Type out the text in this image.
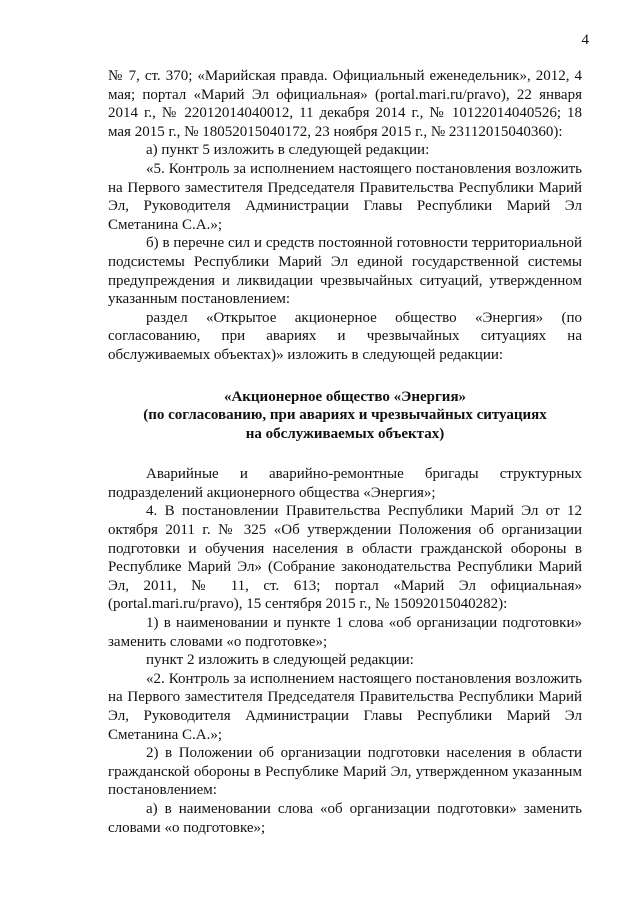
4

№ 7, ст. 370; «Марийская правда. Официальный еженедельник», 2012, 4 мая; портал «Марий Эл официальная» (portal.mari.ru/pravo), 22 января 2014 г., № 22012014040012, 11 декабря 2014 г., № 10122014040526; 18 мая 2015 г., № 18052015040172, 23 ноября 2015 г., № 23112015040360):

а) пункт 5 изложить в следующей редакции:

«5. Контроль за исполнением настоящего постановления возложить на Первого заместителя Председателя Правительства Республики Марий Эл, Руководителя Администрации Главы Республики Марий Эл Сметанина С.А.»;

б) в перечне сил и средств постоянной готовности территориальной подсистемы Республики Марий Эл единой государственной системы предупреждения и ликвидации чрезвычайных ситуаций, утвержденном указанным постановлением:

раздел «Открытое акционерное общество «Энергия» (по согласованию, при авариях и чрезвычайных ситуациях на обслуживаемых объектах)» изложить в следующей редакции:

«Акционерное общество «Энергия»
(по согласованию, при авариях и чрезвычайных ситуациях
на обслуживаемых объектах)

Аварийные и аварийно-ремонтные бригады структурных подразделений акционерного общества «Энергия»;

4. В постановлении Правительства Республики Марий Эл от 12 октября 2011 г. № 325 «Об утверждении Положения об организации подготовки и обучения населения в области гражданской обороны в Республике Марий Эл» (Собрание законодательства Республики Марий Эл, 2011, № 11, ст. 613; портал «Марий Эл официальная» (portal.mari.ru/pravo), 15 сентября 2015 г., № 15092015040282):

1) в наименовании и пункте 1 слова «об организации подготовки» заменить словами «о подготовке»;

пункт 2 изложить в следующей редакции:

«2. Контроль за исполнением настоящего постановления возложить на Первого заместителя Председателя Правительства Республики Марий Эл, Руководителя Администрации Главы Республики Марий Эл Сметанина С.А.»;

2) в Положении об организации подготовки населения в области гражданской обороны в Республике Марий Эл, утвержденном указанным постановлением:

а) в наименовании слова «об организации подготовки» заменить словами «о подготовке»;
